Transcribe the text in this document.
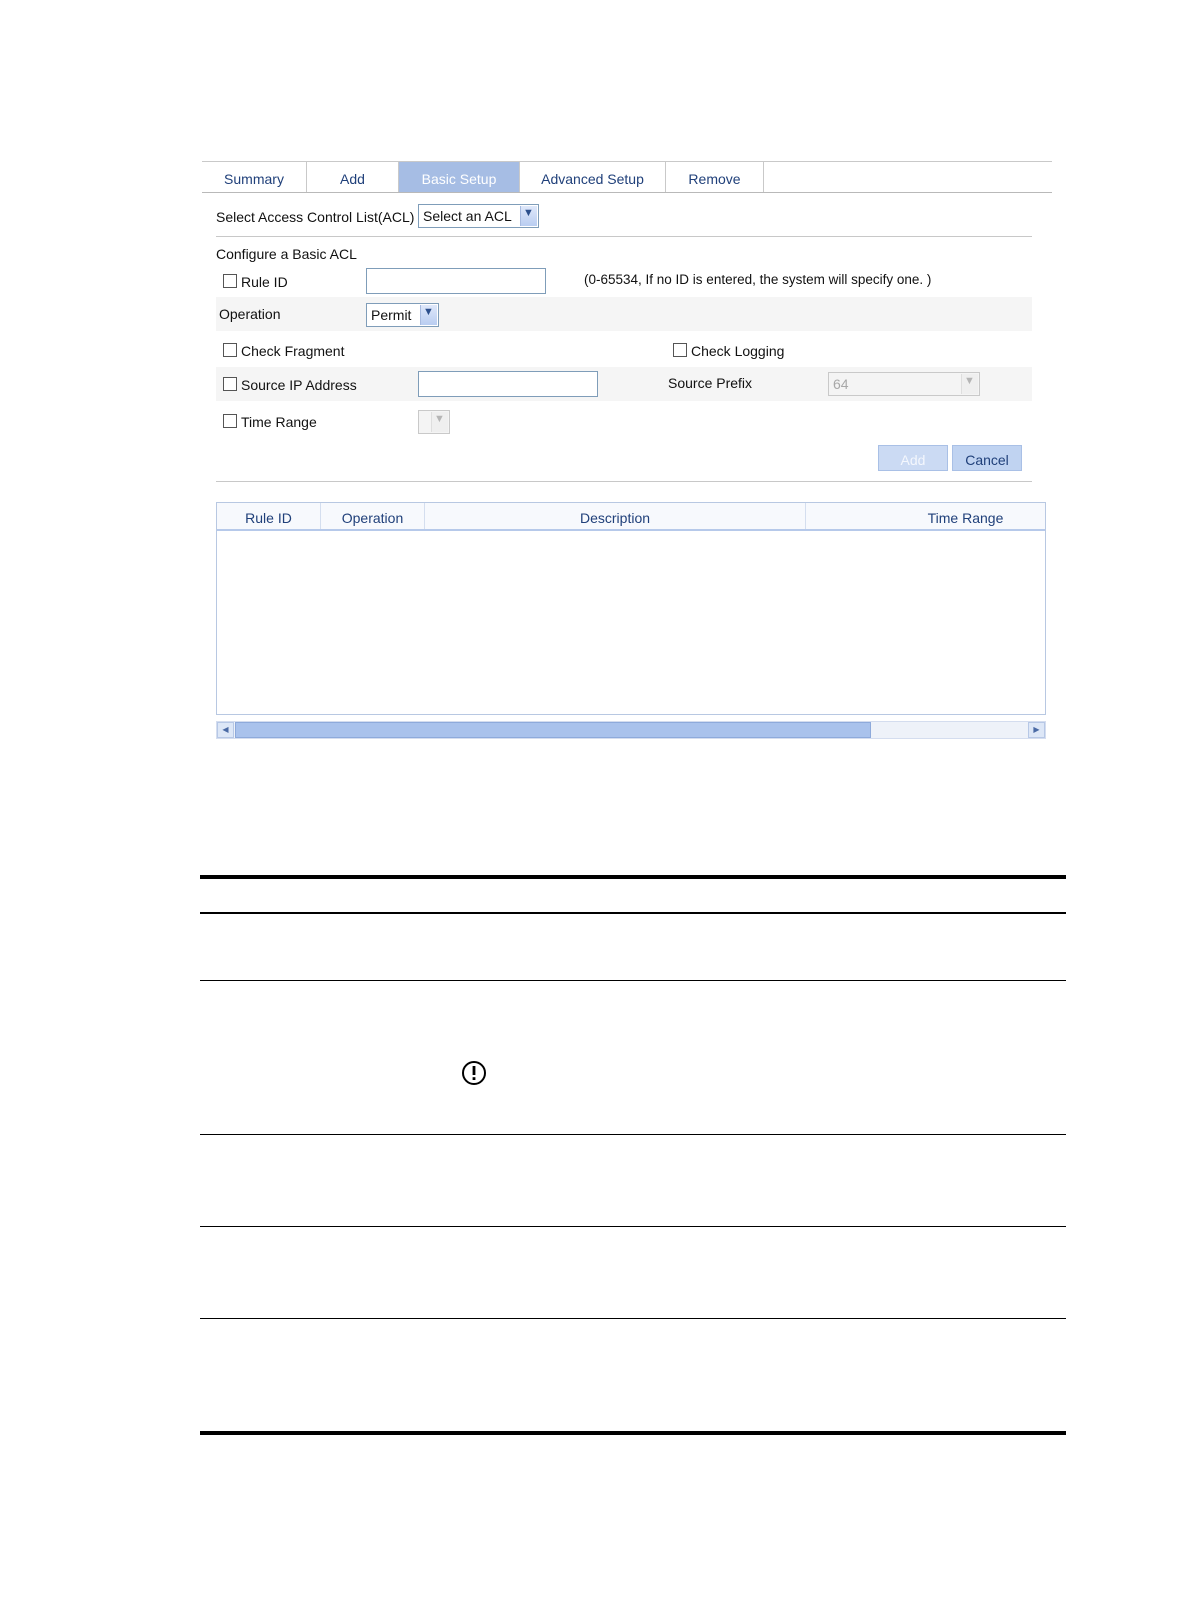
Summary	Add	Basic Setup	Advanced Setup	Remove
Select Access Control List(ACL) Select an ACL ▼
Configure a Basic ACL
Rule ID	(0-65534, If no ID is entered, the system will specify one. )
Operation	Permit ▼
Check Fragment	Check Logging
Source IP Address	Source Prefix	64	▼
Time Range	▼
Add	Cancel
Rule ID	Operation	Description	Time Range
◀	▶
